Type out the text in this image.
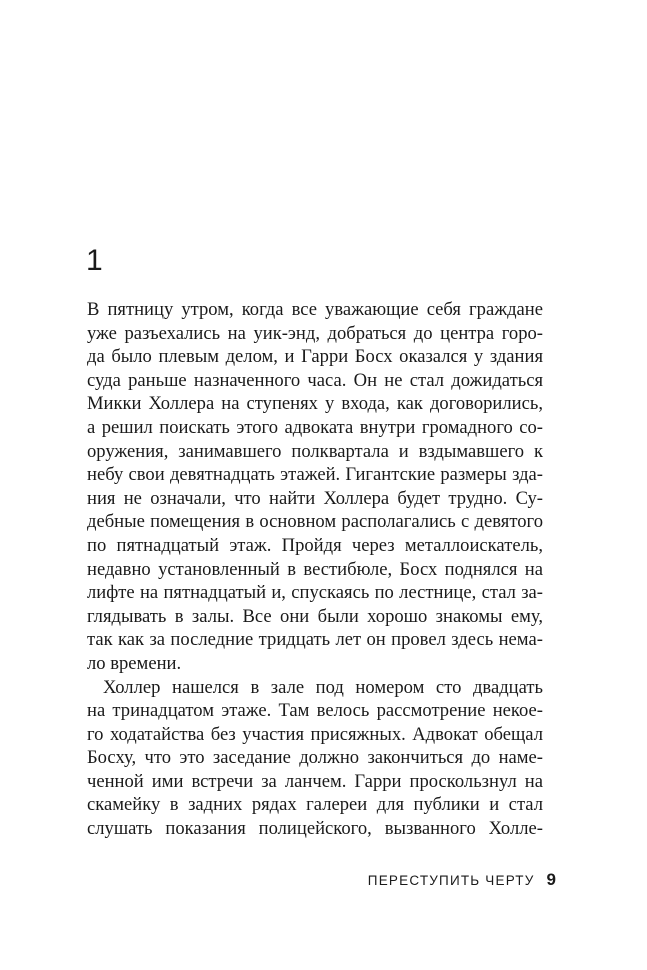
1
В пятницу утром, когда все уважающие себя граждане
уже разъехались на уик-энд, добраться до центра горо-
да было плевым делом, и Гарри Босх оказался у здания
суда раньше назначенного часа. Он не стал дожидаться
Микки Холлера на ступенях у входа, как договорились,
а решил поискать этого адвоката внутри громадного со-
оружения, занимавшего полквартала и вздымавшего к
небу свои девятнадцать этажей. Гигантские размеры зда-
ния не означали, что найти Холлера будет трудно. Су-
дебные помещения в основном располагались с девятого
по пятнадцатый этаж. Пройдя через металлоискатель,
недавно установленный в вестибюле, Босх поднялся на
лифте на пятнадцатый и, спускаясь по лестнице, стал за-
глядывать в залы. Все они были хорошо знакомы ему,
так как за последние тридцать лет он провел здесь немa-
ло времени.
Холлер нашелся в зале под номером сто двадцать
на тринадцатом этаже. Там велось рассмотрение некое-
го ходатайства без участия присяжных. Адвокат обещал
Босху, что это заседание должно закончиться до наме-
ченной ими встречи за ланчем. Гарри проскользнул на
скамейку в задних рядах галереи для публики и стал
слушать показания полицейского, вызванного Холле-
ПЕРЕСТУПИТЬ ЧЕРТУ 9
